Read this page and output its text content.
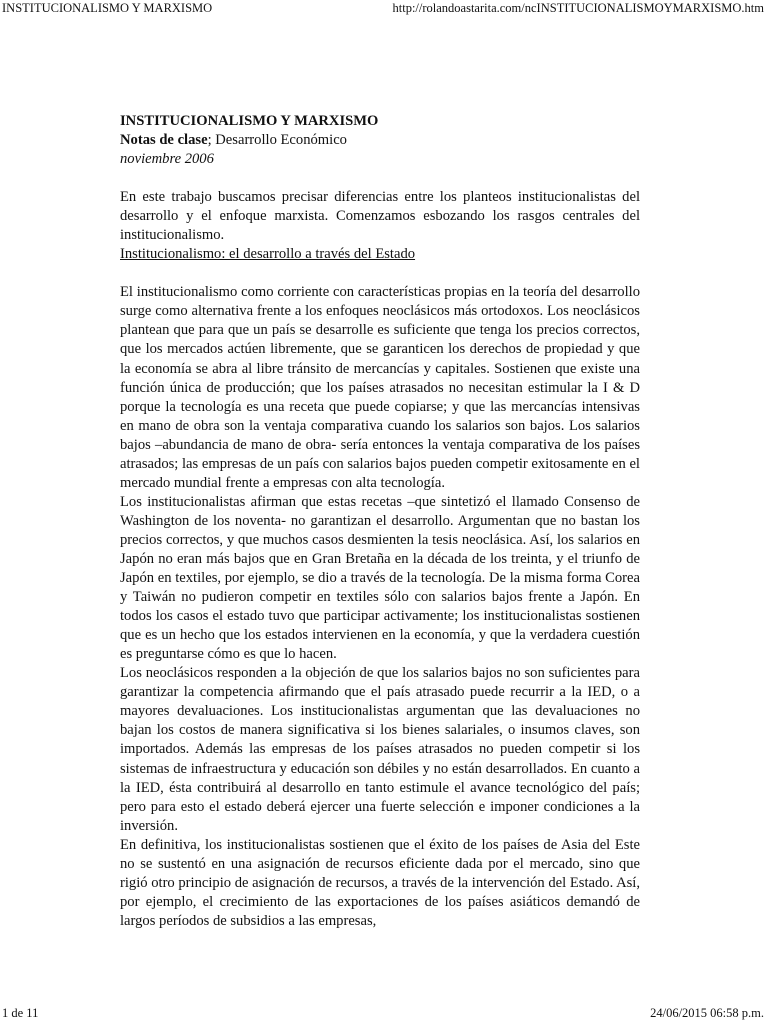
INSTITUCIONALISMO Y MARXISMO	http://rolandoastarita.com/ncINSTITUCIONALISMOYMARXISMO.htm
INSTITUCIONALISMO Y MARXISMO
Notas de clase; Desarrollo Económico
noviembre 2006

En este trabajo buscamos precisar diferencias entre los planteos institucionalistas del desarrollo y el enfoque marxista. Comenzamos esbozando los rasgos centrales del institucionalismo.

Institucionalismo: el desarrollo a través del Estado

El institucionalismo como corriente con características propias en la teoría del desarrollo surge como alternativa frente a los enfoques neoclásicos más ortodoxos. Los neoclásicos plantean que para que un país se desarrolle es suficiente que tenga los precios correctos, que los mercados actúen libremente, que se garanticen los derechos de propiedad y que la economía se abra al libre tránsito de mercancías y capitales. Sostienen que existe una función única de producción; que los países atrasados no necesitan estimular la I & D porque la tecnología es una receta que puede copiarse; y que las mercancías intensivas en mano de obra son la ventaja comparativa cuando los salarios son bajos. Los salarios bajos –abundancia de mano de obra- sería entonces la ventaja comparativa de los países atrasados; las empresas de un país con salarios bajos pueden competir exitosamente en el mercado mundial frente a empresas con alta tecnología.

Los institucionalistas afirman que estas recetas –que sintetizó el llamado Consenso de Washington de los noventa- no garantizan el desarrollo. Argumentan que no bastan los precios correctos, y que muchos casos desmienten la tesis neoclásica. Así, los salarios en Japón no eran más bajos que en Gran Bretaña en la década de los treinta, y el triunfo de Japón en textiles, por ejemplo, se dio a través de la tecnología. De la misma forma Corea y Taiwán no pudieron competir en textiles sólo con salarios bajos frente a Japón. En todos los casos el estado tuvo que participar activamente; los institucionalistas sostienen que es un hecho que los estados intervienen en la economía, y que la verdadera cuestión es preguntarse cómo es que lo hacen.

Los neoclásicos responden a la objeción de que los salarios bajos no son suficientes para garantizar la competencia afirmando que el país atrasado puede recurrir a la IED, o a mayores devaluaciones. Los institucionalistas argumentan que las devaluaciones no bajan los costos de manera significativa si los bienes salariales, o insumos claves, son importados. Además las empresas de los países atrasados no pueden competir si los sistemas de infraestructura y educación son débiles y no están desarrollados. En cuanto a la IED, ésta contribuirá al desarrollo en tanto estimule el avance tecnológico del país; pero para esto el estado deberá ejercer una fuerte selección e imponer condiciones a la inversión.

En definitiva, los institucionalistas sostienen que el éxito de los países de Asia del Este no se sustentó en una asignación de recursos eficiente dada por el mercado, sino que rigió otro principio de asignación de recursos, a través de la intervención del Estado. Así, por ejemplo, el crecimiento de las exportaciones de los países asiáticos demandó de largos períodos de subsidios a las empresas,

1 de 11	24/06/2015 06:58 p.m.
